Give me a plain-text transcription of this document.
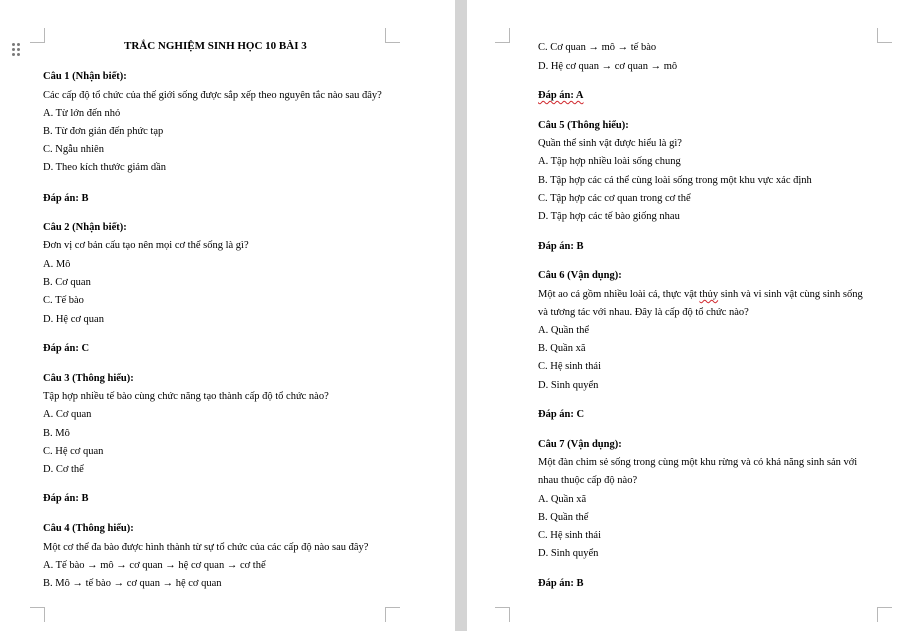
TRẮC NGHIỆM SINH HỌC 10 BÀI 3
Câu 1 (Nhận biết):
Các cấp độ tổ chức của thế giới sống được sắp xếp theo nguyên tắc nào sau đây?
A. Từ lớn đến nhỏ
B. Từ đơn giản đến phức tạp
C. Ngẫu nhiên
D. Theo kích thước giảm dần
Đáp án: B
Câu 2 (Nhận biết):
Đơn vị cơ bản cấu tạo nên mọi cơ thể sống là gì?
A. Mô
B. Cơ quan
C. Tế bào
D. Hệ cơ quan
Đáp án: C
Câu 3 (Thông hiểu):
Tập hợp nhiều tế bào cùng chức năng tạo thành cấp độ tổ chức nào?
A. Cơ quan
B. Mô
C. Hệ cơ quan
D. Cơ thể
Đáp án: B
Câu 4 (Thông hiểu):
Một cơ thể đa bào được hình thành từ sự tổ chức của các cấp độ nào sau đây?
A. Tế bào → mô → cơ quan → hệ cơ quan → cơ thể
B. Mô → tế bào → cơ quan → hệ cơ quan
C. Cơ quan → mô → tế bào
D. Hệ cơ quan → cơ quan → mô
Đáp án: A
Câu 5 (Thông hiểu):
Quần thể sinh vật được hiểu là gì?
A. Tập hợp nhiều loài sống chung
B. Tập hợp các cá thể cùng loài sống trong một khu vực xác định
C. Tập hợp các cơ quan trong cơ thể
D. Tập hợp các tế bào giống nhau
Đáp án: B
Câu 6 (Vận dụng):
Một ao cá gồm nhiều loài cá, thực vật thủy sinh và vi sinh vật cùng sinh sống
và tương tác với nhau. Đây là cấp độ tổ chức nào?
A. Quần thể
B. Quần xã
C. Hệ sinh thái
D. Sinh quyển
Đáp án: C
Câu 7 (Vận dụng):
Một đàn chim sẻ sống trong cùng một khu rừng và có khả năng sinh sản với
nhau thuộc cấp độ nào?
A. Quần xã
B. Quần thể
C. Hệ sinh thái
D. Sinh quyển
Đáp án: B
